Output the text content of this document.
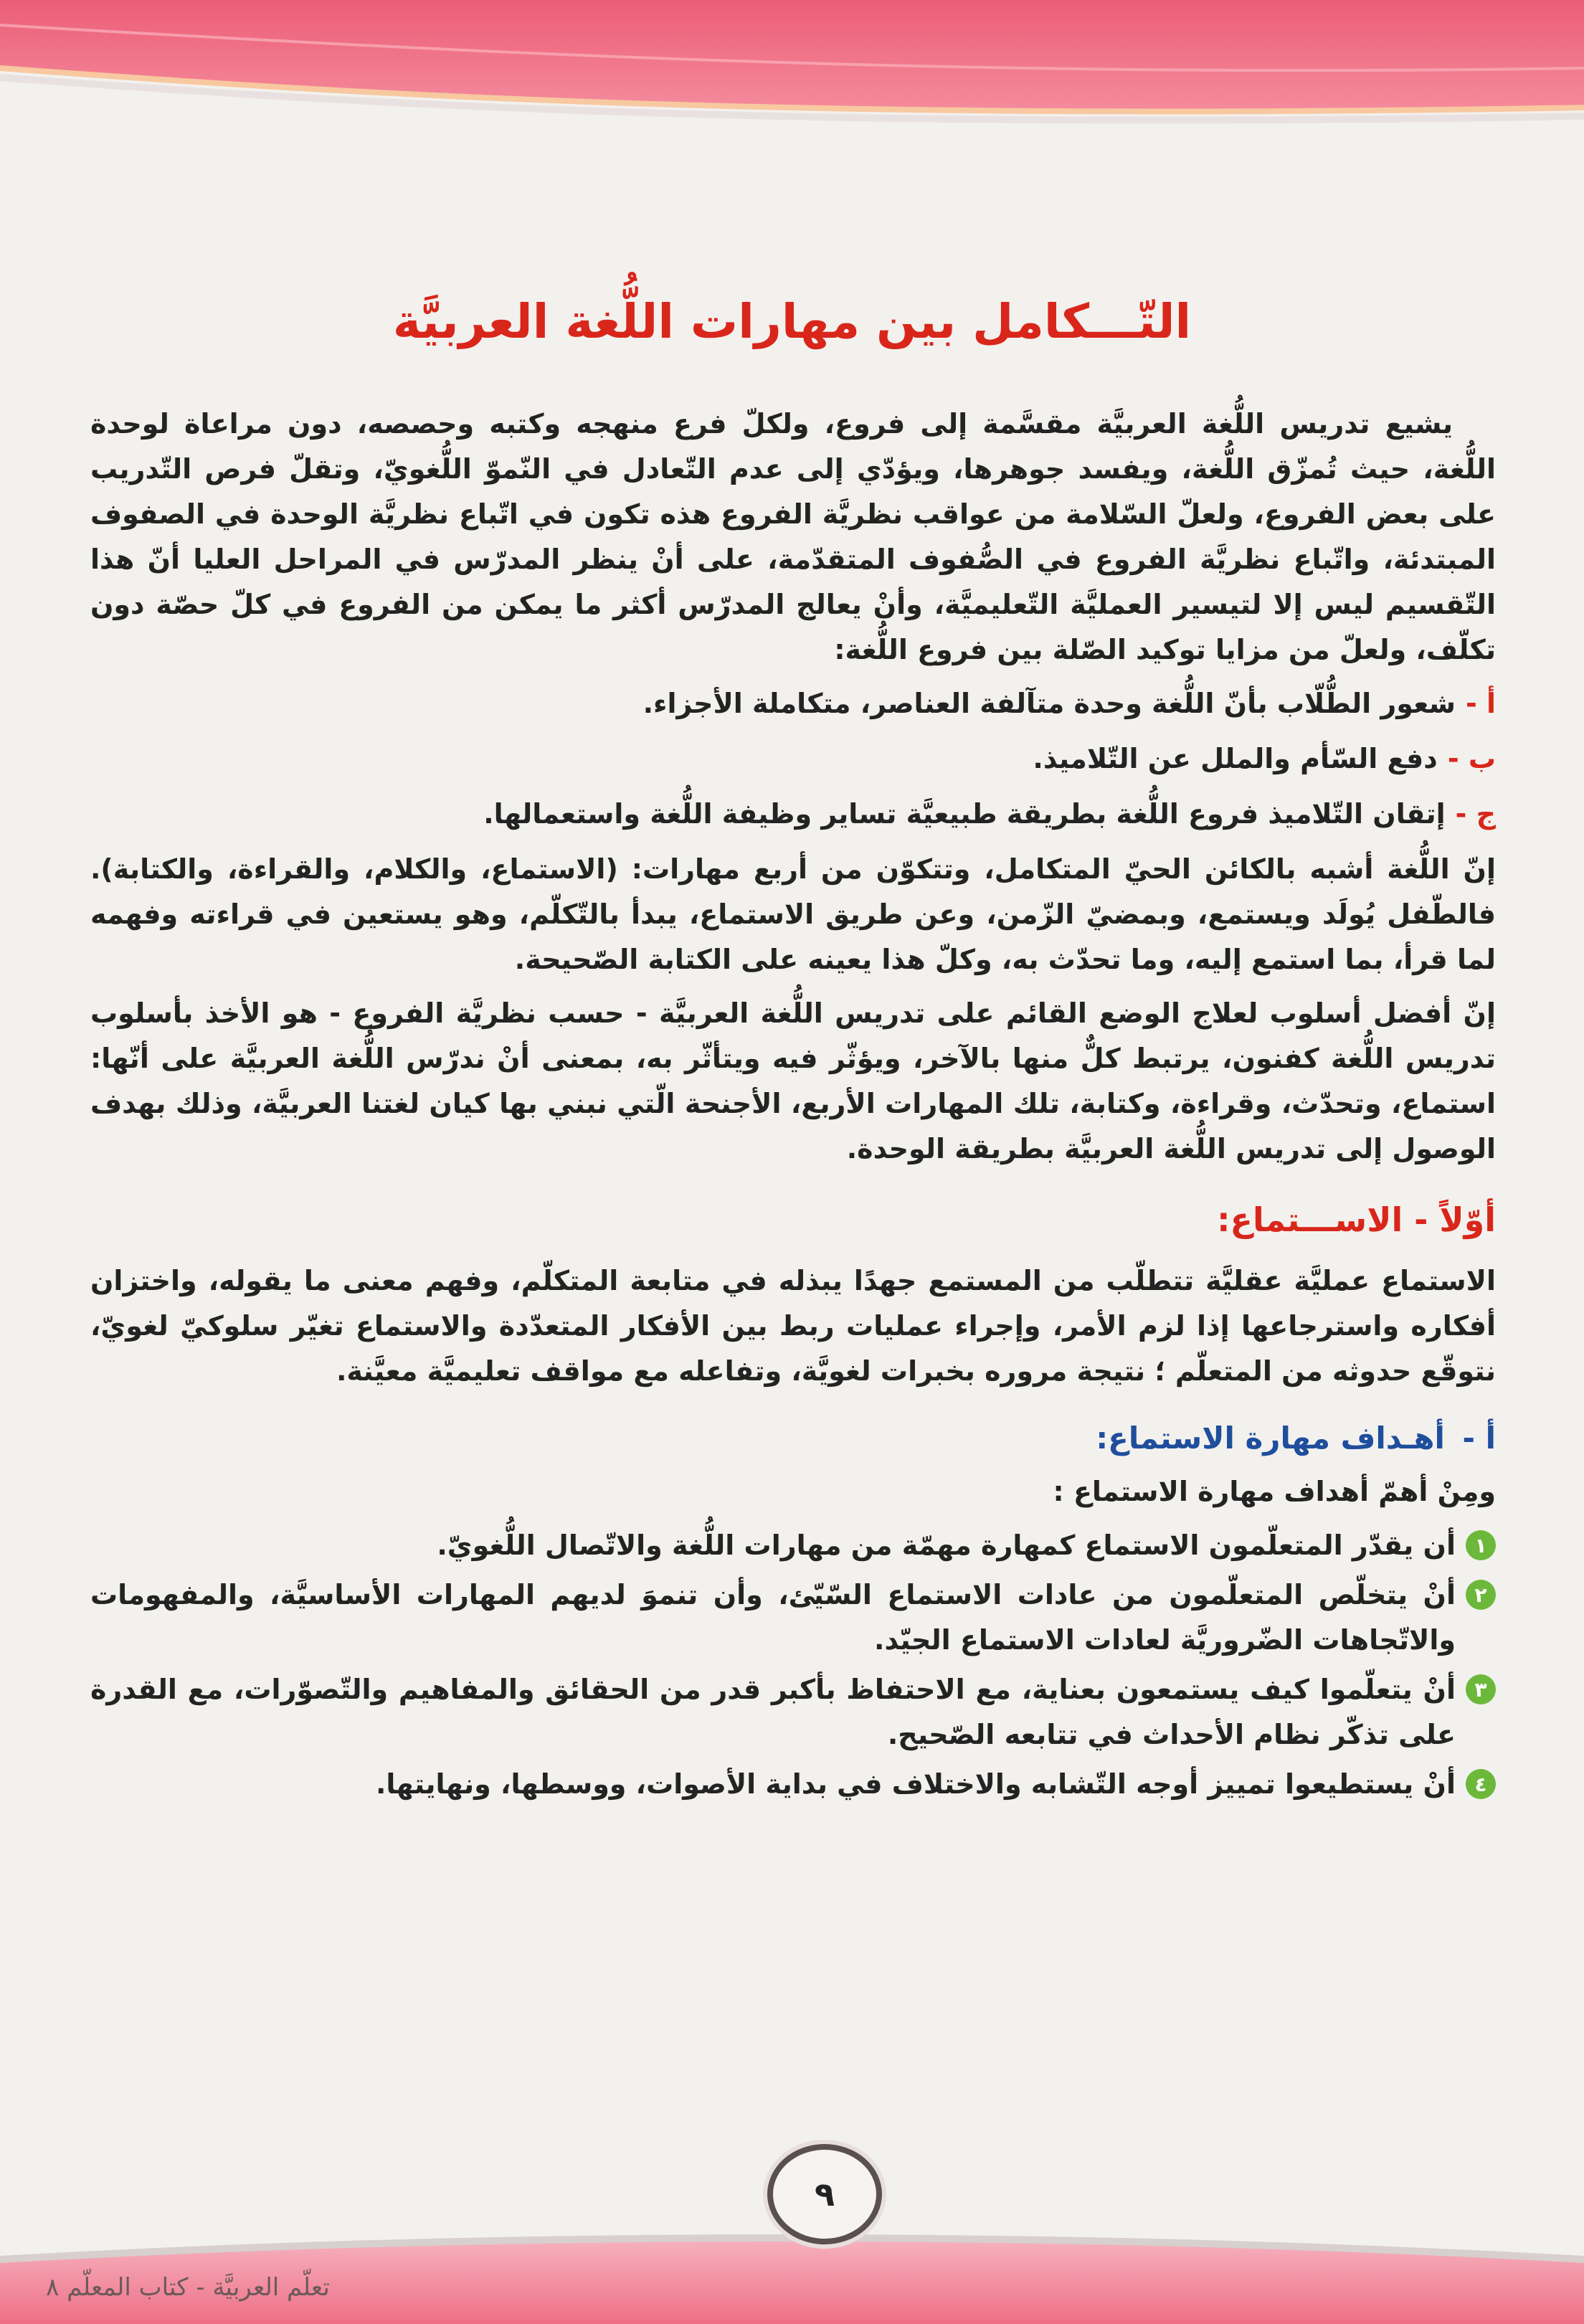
التّـــكامل بين مهارات اللُّغة العربيَّة

يشيع تدريس اللُّغة العربيَّة مقسَّمة إلى فروع، ولكلّ فرع منهجه وكتبه وحصصه، دون مراعاة لوحدة اللُّغة، حيث تُمزّق اللُّغة، ويفسد جوهرها، ويؤدّي إلى عدم التّعادل في النّموّ اللُّغويّ، وتقلّ فرص التّدريب على بعض الفروع، ولعلّ السّلامة من عواقب نظريَّة الفروع هذه تكون في اتّباع نظريَّة الوحدة في الصفوف المبتدئة، واتّباع نظريَّة الفروع في الصُّفوف المتقدّمة، على أنْ ينظر المدرّس في المراحل العليا أنّ هذا التّقسيم ليس إلا لتيسير العمليَّة التّعليميَّة، وأنْ يعالج المدرّس أكثر ما يمكن من الفروع في كلّ حصّة دون تكلّف، ولعلّ من مزايا توكيد الصّلة بين فروع اللُّغة:

أ -
شعور الطُّلّاب بأنّ اللُّغة وحدة متآلفة العناصر، متكاملة الأجزاء.
ب -
دفع السّأم والملل عن التّلاميذ.
ج -
إتقان التّلاميذ فروع اللُّغة بطريقة طبيعيَّة تساير وظيفة اللُّغة واستعمالها.

إنّ اللُّغة أشبه بالكائن الحيّ المتكامل، وتتكوّن من أربع مهارات: (الاستماع، والكلام، والقراءة، والكتابة). فالطّفل يُولَد ويستمع، وبمضيّ الزّمن، وعن طريق الاستماع، يبدأ بالتّكلّم، وهو يستعين في قراءته وفهمه لما قرأ، بما استمع إليه، وما تحدّث به، وكلّ هذا يعينه على الكتابة الصّحيحة.

إنّ أفضل أسلوب لعلاج الوضع القائم على تدريس اللُّغة العربيَّة - حسب نظريَّة الفروع - هو الأخذ بأسلوب تدريس اللُّغة كفنون، يرتبط كلٌّ منها بالآخر، ويؤثّر فيه ويتأثّر به، بمعنى أنْ ندرّس اللُّغة العربيَّة على أنّها: استماع، وتحدّث، وقراءة، وكتابة، تلك المهارات الأربع، الأجنحة الّتي نبني بها كيان لغتنا العربيَّة، وذلك بهدف الوصول إلى تدريس اللُّغة العربيَّة بطريقة الوحدة.

أوّلاً - الاســـتماع:

الاستماع عمليَّة عقليَّة تتطلّب من المستمع جهدًا يبذله في متابعة المتكلّم، وفهم معنى ما يقوله، واختزان أفكاره واسترجاعها إذا لزم الأمر، وإجراء عمليات ربط بين الأفكار المتعدّدة والاستماع تغيّر سلوكيّ لغويّ، نتوقّع حدوثه من المتعلّم ؛ نتيجة مروره بخبرات لغويَّة، وتفاعله مع مواقف تعليميَّة معيَّنة.

أ - أهـداف مهارة الاستماع:

ومِنْ أهمّ أهداف مهارة الاستماع :

١
أن يقدّر المتعلّمون الاستماع كمهارة مهمّة من مهارات اللُّغة والاتّصال اللُّغويّ.
٢
أنْ يتخلّص المتعلّمون من عادات الاستماع السّيّئ، وأن تنموَ لديهم المهارات الأساسيَّة، والمفهومات والاتّجاهات الضّروريَّة لعادات الاستماع الجيّد.
٣
أنْ يتعلّموا كيف يستمعون بعناية، مع الاحتفاظ بأكبر قدر من الحقائق والمفاهيم والتّصوّرات، مع القدرة على تذكّر نظام الأحداث في تتابعه الصّحيح.
٤
أنْ يستطيعوا تمييز أوجه التّشابه والاختلاف في بداية الأصوات، ووسطها، ونهايتها.
٩
تعلّم العربيَّة - كتاب المعلّم ٨
